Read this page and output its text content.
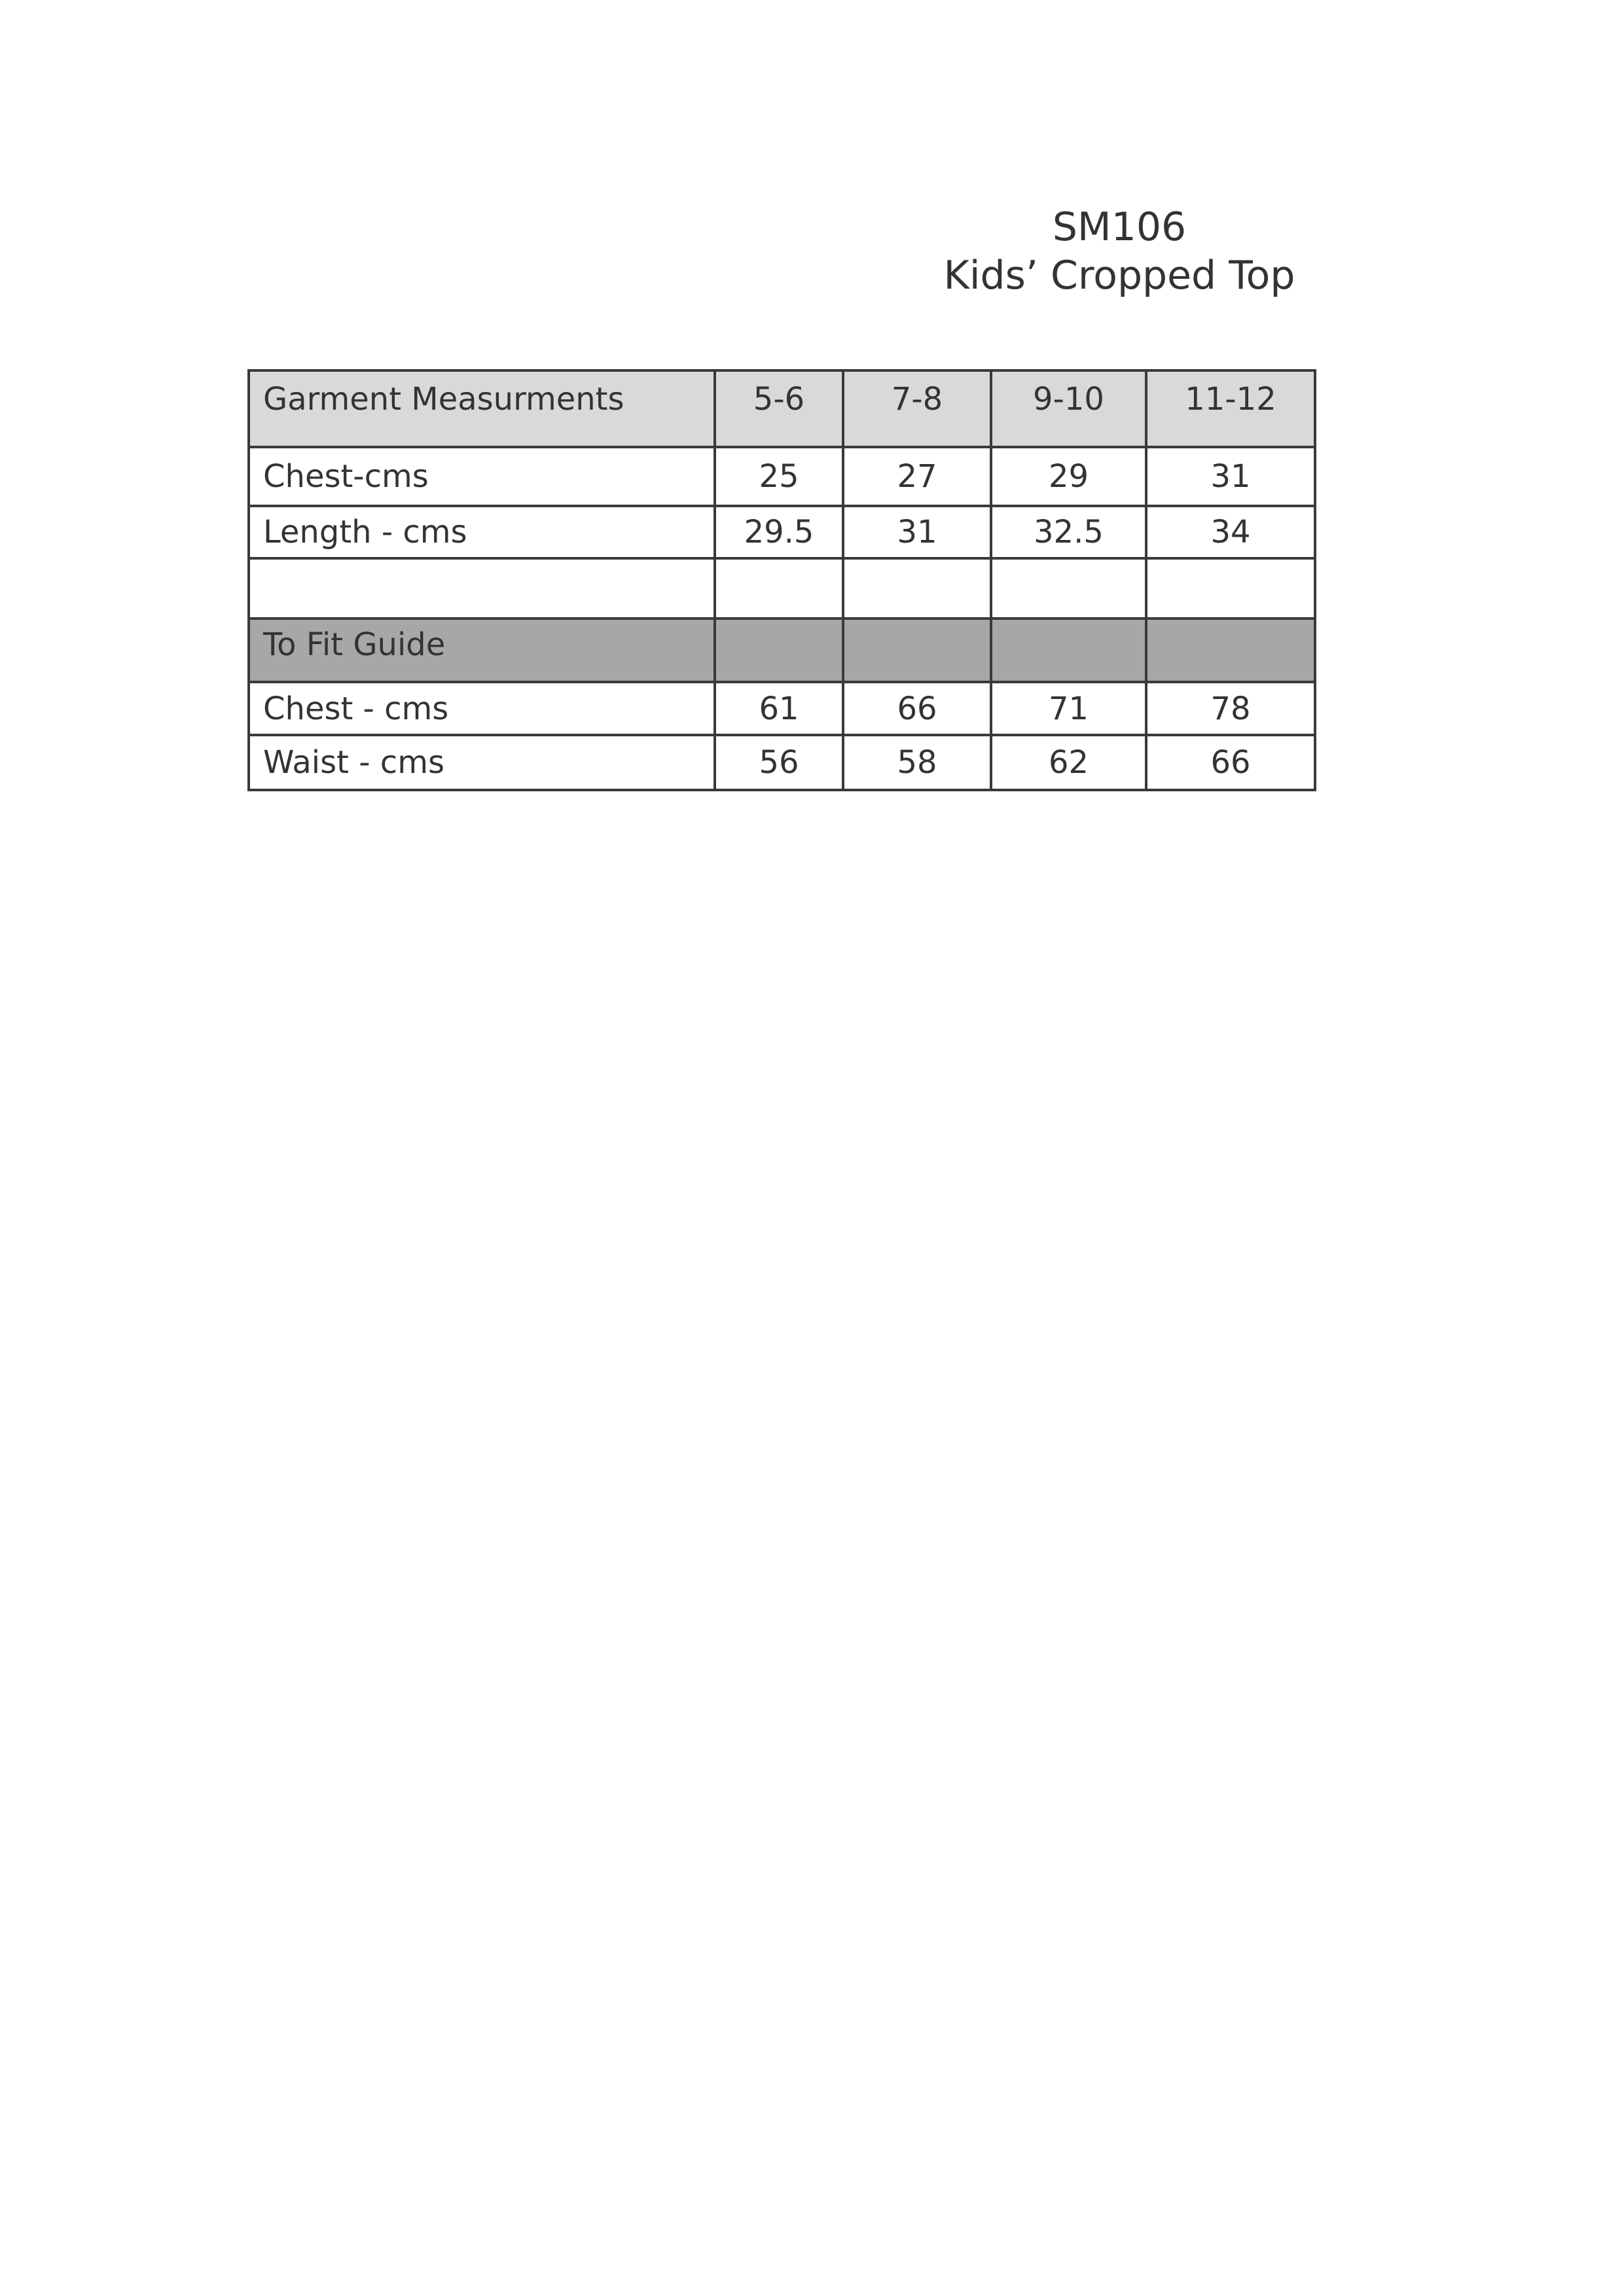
SM106
Kids’ Cropped Top
Garment Measurments	5-6	7-8	9-10	11-12
Chest-cms	25	27	29	31
Length - cms	29.5	31	32.5	34

To Fit Guide				
Chest - cms	61	66	71	78
Waist - cms	56	58	62	66
